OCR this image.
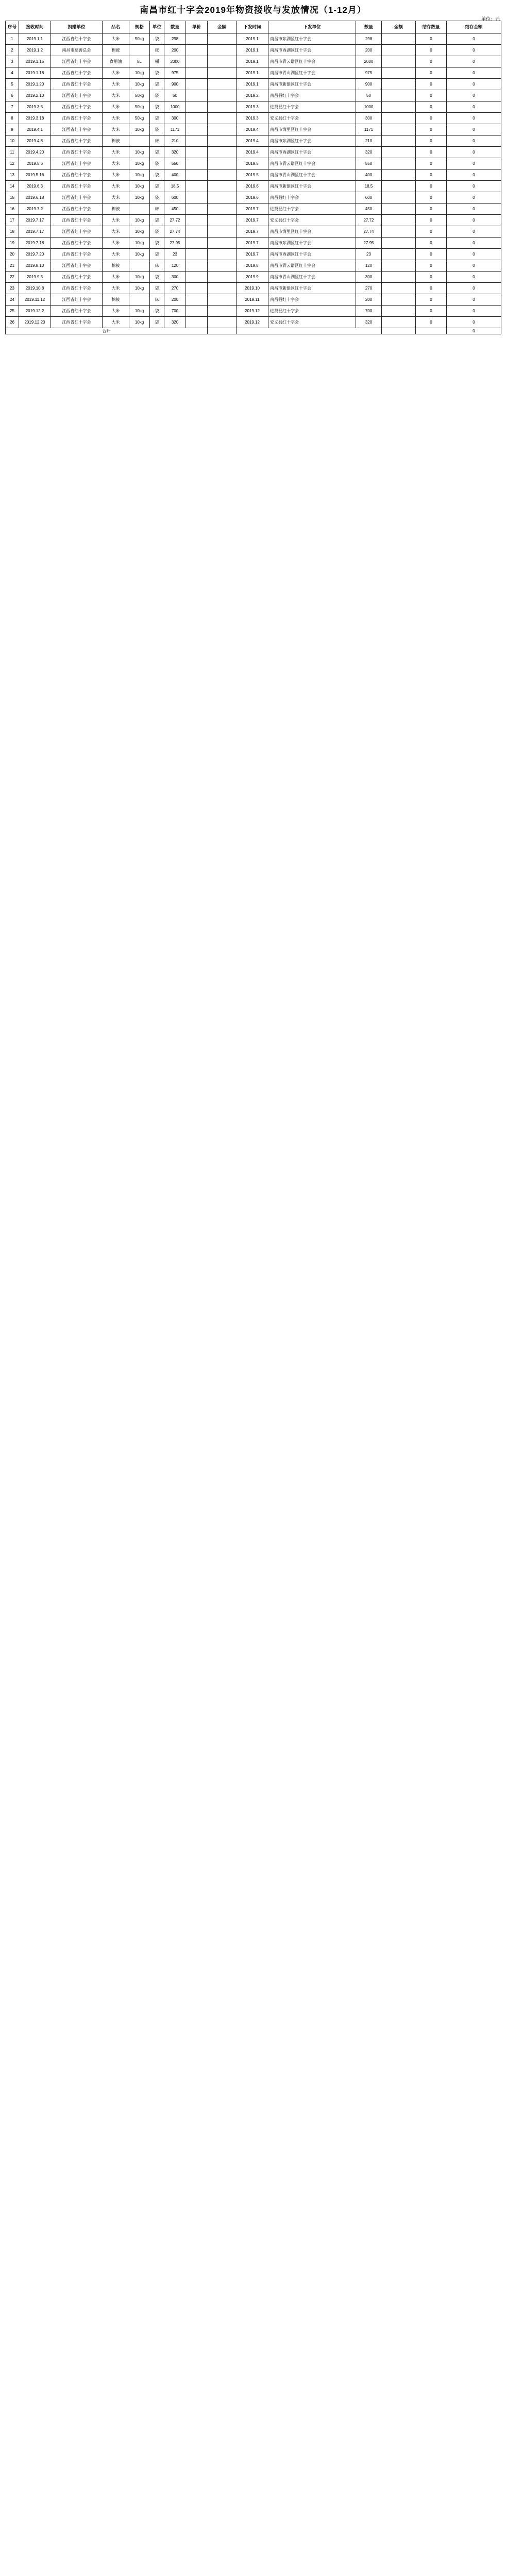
南昌市红十字会2019年物资接收与发放情况（1-12月）
单位：元
序号	接收时间	捐赠单位	品名	规格	单位	数量	单价	金额	下发时间	下发单位	数量	金额	结存数量	结存金额
1	2019.1.1	江西省红十字会	大米	50kg	袋	298			2019.1	南昌市东湖区红十字会	298		0	0
2	2019.1.2	南昌市慈善总会	棉被		床	200			2019.1	南昌市西湖区红十字会	200		0	0
3	2019.1.15	江西省红十字会	食用油	5L	桶	2000			2019.1	南昌市青云谱区红十字会	2000		0	0
4	2019.1.18	江西省红十字会	大米	10kg	袋	975			2019.1	南昌市青山湖区红十字会	975		0	0
5	2019.1.20	江西省红十字会	大米	10kg	袋	900			2019.1	南昌市新建区红十字会	900		0	0
6	2019.2.10	江西省红十字会	大米	50kg	袋	50			2019.2	南昌县红十字会	50		0	0
7	2019.3.5	江西省红十字会	大米	50kg	袋	1000			2019.3	进贤县红十字会	1000		0	0
8	2019.3.18	江西省红十字会	大米	50kg	袋	300			2019.3	安义县红十字会	300		0	0
9	2019.4.1	江西省红十字会	大米	10kg	袋	1171			2019.4	南昌市湾里区红十字会	1171		0	0
10	2019.4.8	江西省红十字会	棉被		床	210			2019.4	南昌市东湖区红十字会	210		0	0
11	2019.4.20	江西省红十字会	大米	10kg	袋	320			2019.4	南昌市西湖区红十字会	320		0	0
12	2019.5.6	江西省红十字会	大米	10kg	袋	550			2019.5	南昌市青云谱区红十字会	550		0	0
13	2019.5.16	江西省红十字会	大米	10kg	袋	400			2019.5	南昌市青山湖区红十字会	400		0	0
14	2019.6.3	江西省红十字会	大米	10kg	袋	18.5			2019.6	南昌市新建区红十字会	18.5		0	0
15	2019.6.18	江西省红十字会	大米	10kg	袋	600			2019.6	南昌县红十字会	600		0	0
16	2019.7.2	江西省红十字会	棉被		床	450			2019.7	进贤县红十字会	450		0	0
17	2019.7.17	江西省红十字会	大米	10kg	袋	27.72			2019.7	安义县红十字会	27.72		0	0
18	2019.7.17	江西省红十字会	大米	10kg	袋	27.74			2019.7	南昌市湾里区红十字会	27.74		0	0
19	2019.7.18	江西省红十字会	大米	10kg	袋	27.95			2019.7	南昌市东湖区红十字会	27.95		0	0
20	2019.7.20	江西省红十字会	大米	10kg	袋	23			2019.7	南昌市西湖区红十字会	23		0	0
21	2019.8.10	江西省红十字会	棉被		床	120			2019.8	南昌市青云谱区红十字会	120		0	0
22	2019.9.5	江西省红十字会	大米	10kg	袋	300			2019.9	南昌市青山湖区红十字会	300		0	0
23	2019.10.8	江西省红十字会	大米	10kg	袋	270			2019.10	南昌市新建区红十字会	270		0	0
24	2019.11.12	江西省红十字会	棉被		床	200			2019.11	南昌县红十字会	200		0	0
25	2019.12.2	江西省红十字会	大米	10kg	袋	700			2019.12	进贤县红十字会	700		0	0
26	2019.12.20	江西省红十字会	大米	10kg	袋	320			2019.12	安义县红十字会	320		0	0
合计														0
